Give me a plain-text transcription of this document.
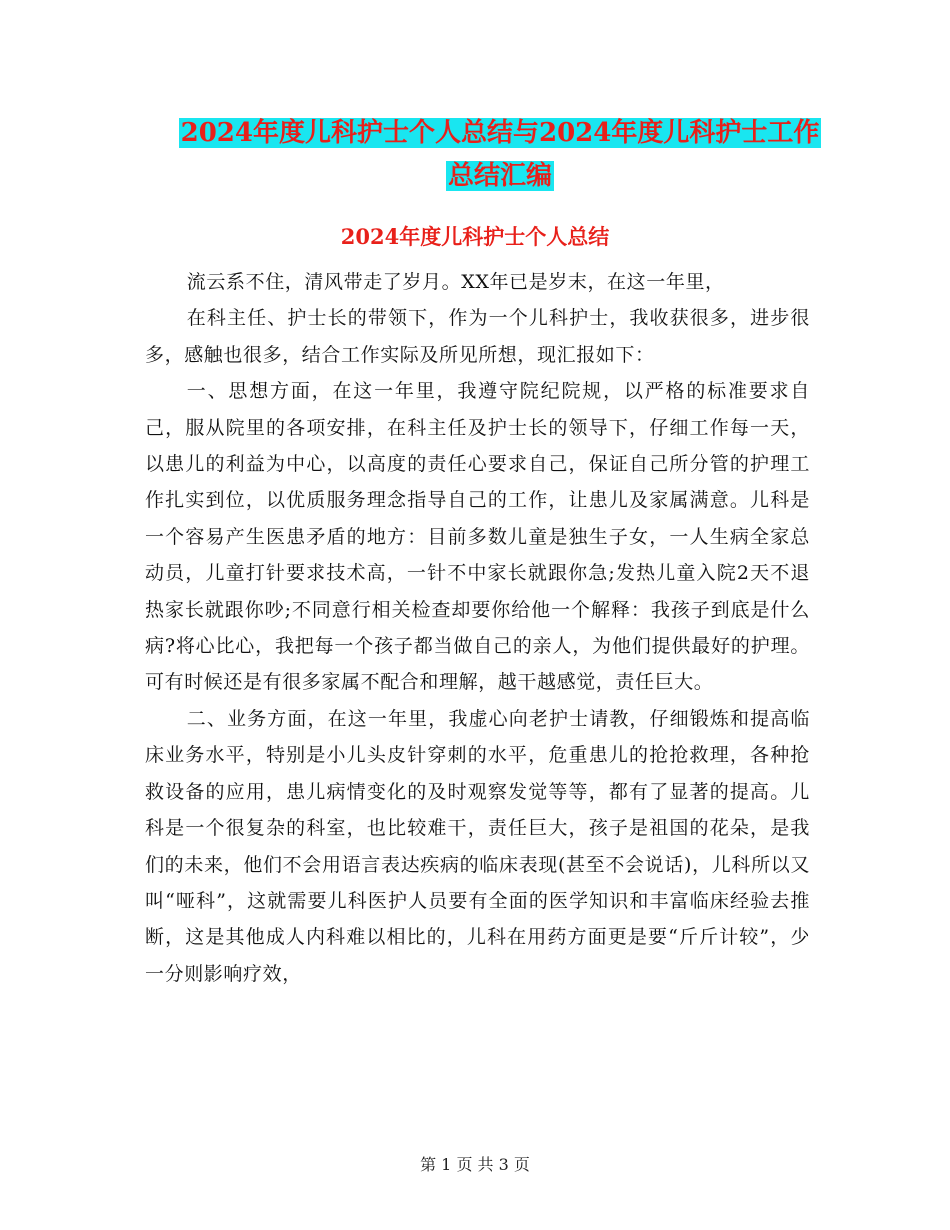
2024年度儿科护士个人总结与2024年度儿科护士工作
总结汇编
2024年度儿科护士个人总结

流云系不住，清风带走了岁月。XX年已是岁末，在这一年里，

在科主任、护士长的带领下，作为一个儿科护士，我收获很多，进步很多，感触也很多，结合工作实际及所见所想，现汇报如下：

一、思想方面，在这一年里，我遵守院纪院规，以严格的标准要求自己，服从院里的各项安排，在科主任及护士长的领导下，仔细工作每一天，以患儿的利益为中心，以高度的责任心要求自己，保证自己所分管的护理工作扎实到位，以优质服务理念指导自己的工作，让患儿及家属满意。儿科是一个容易产生医患矛盾的地方：目前多数儿童是独生子女，一人生病全家总动员，儿童打针要求技术高，一针不中家长就跟你急;发热儿童入院2天不退热家长就跟你吵;不同意行相关检查却要你给他一个解释：我孩子到底是什么病?将心比心，我把每一个孩子都当做自己的亲人，为他们提供最好的护理。可有时候还是有很多家属不配合和理解，越干越感觉，责任巨大。

二、业务方面，在这一年里，我虚心向老护士请教，仔细锻炼和提高临床业务水平，特别是小儿头皮针穿刺的水平，危重患儿的抢抢救理，各种抢救设备的应用，患儿病情变化的及时观察发觉等等，都有了显著的提高。儿科是一个很复杂的科室，也比较难干，责任巨大，孩子是祖国的花朵，是我们的未来，他们不会用语言表达疾病的临床表现(甚至不会说话)，儿科所以又叫“哑科”，这就需要儿科医护人员要有全面的医学知识和丰富临床经验去推断，这是其他成人内科难以相比的，儿科在用药方面更是要“斤斤计较”，少一分则影响疗效，

第 1 页 共 3 页
